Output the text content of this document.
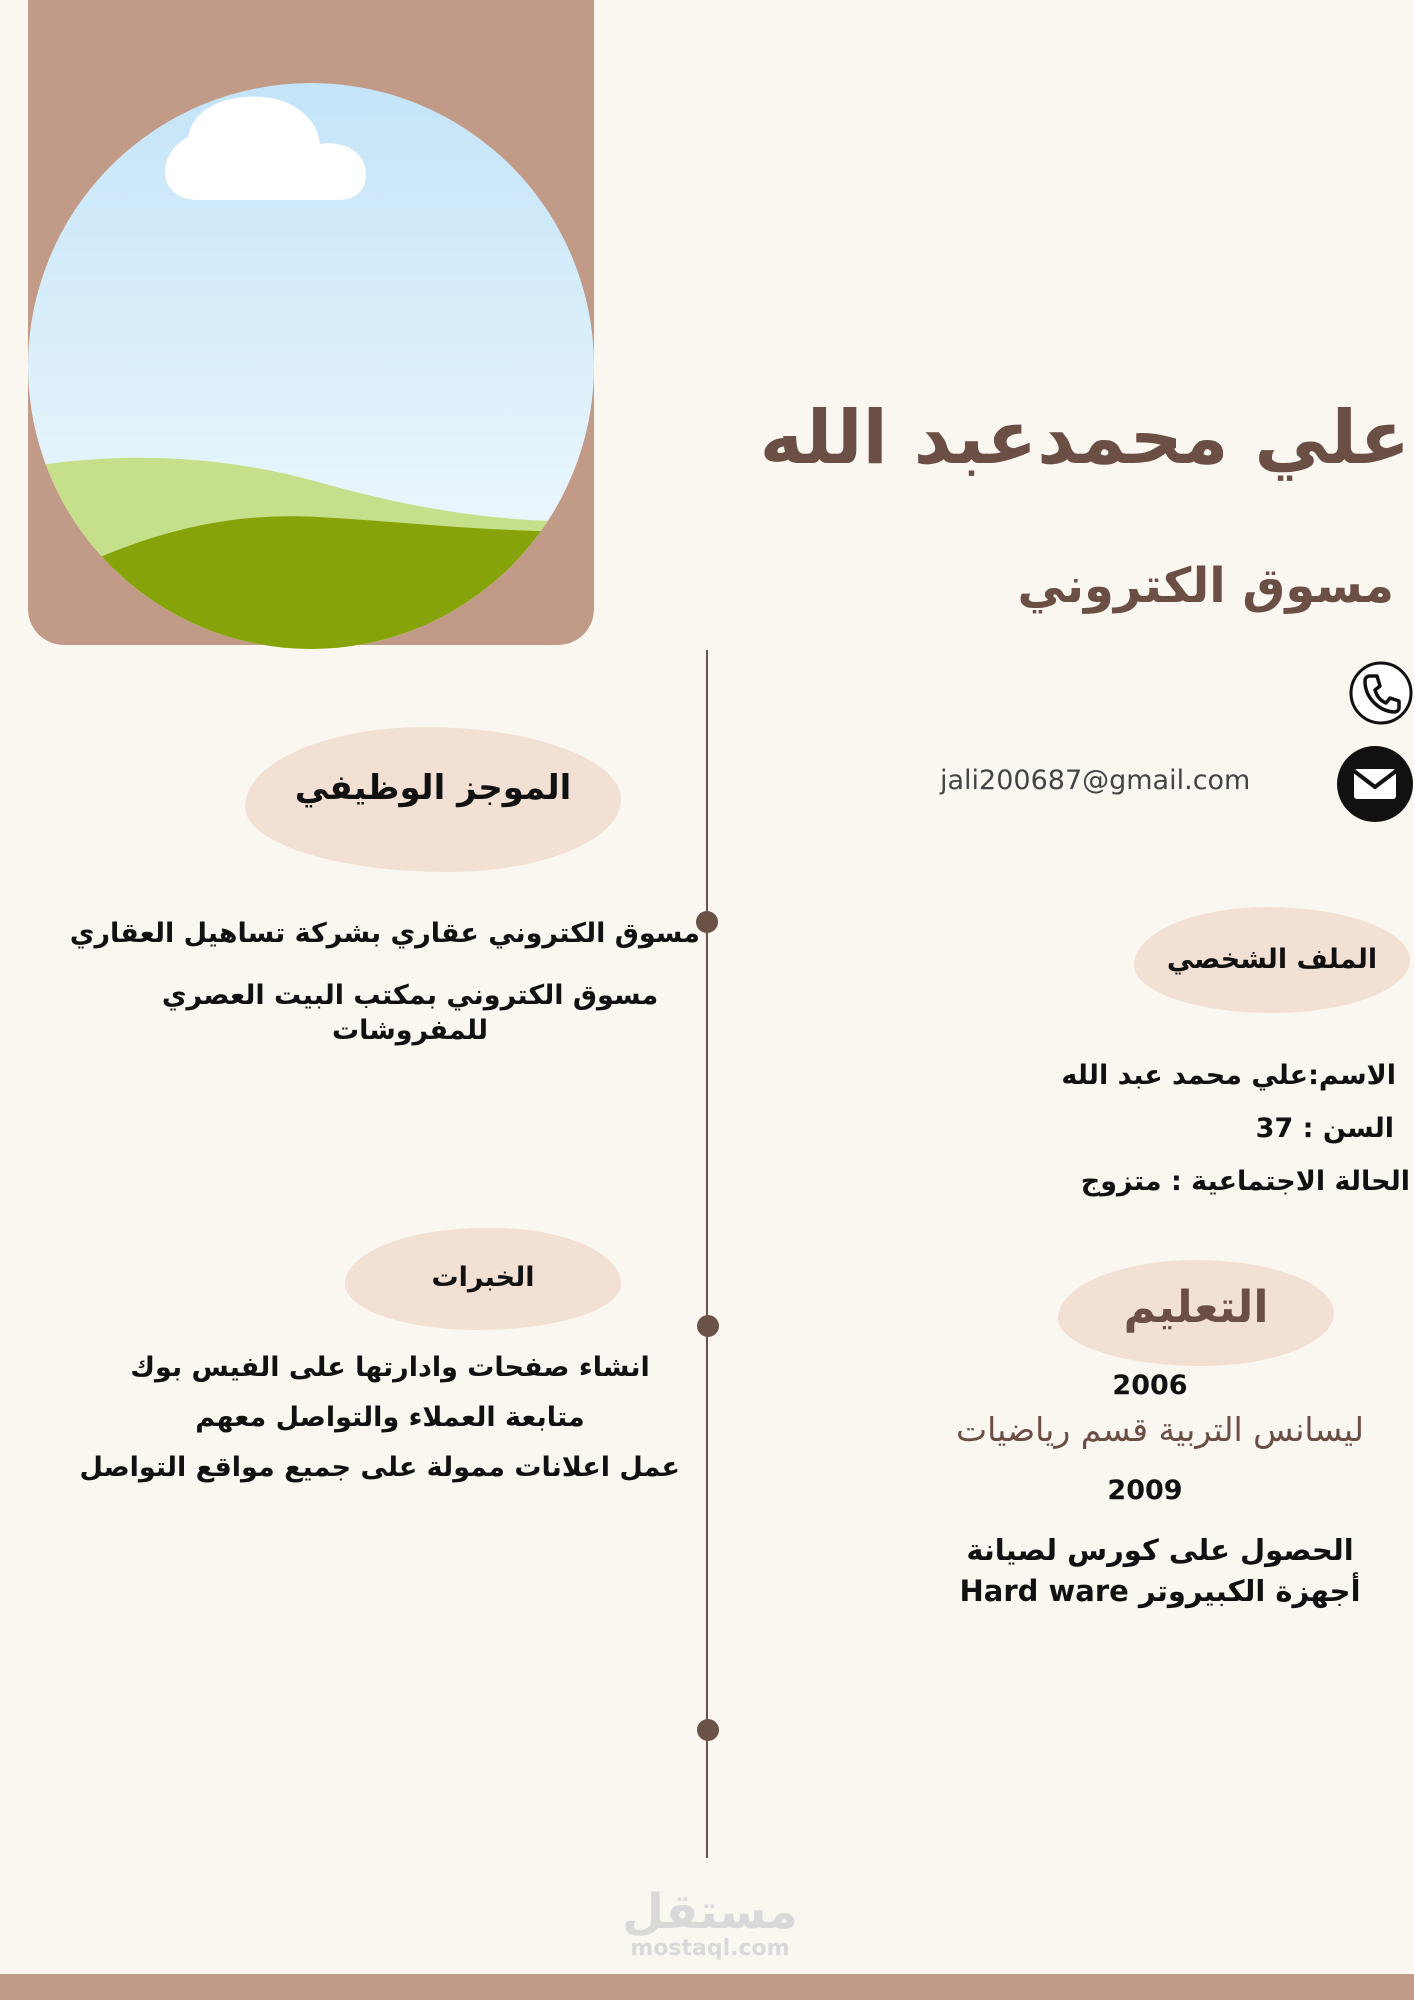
علي محمدعبد الله
مسوق الكتروني
jali200687@gmail.com
الموجز الوظيفي
مسوق الكتروني عقاري بشركة تساهيل العقاري
مسوق الكتروني بمكتب البيت العصري للمفروشات
الخبرات
انشاء صفحات وادارتها على الفيس بوك
متابعة العملاء والتواصل معهم
عمل اعلانات ممولة على جميع مواقع التواصل
الملف الشخصي
الاسم:علي محمد عبد الله
السن : 37
الحالة الاجتماعية : متزوج
التعليم
2006
ليسانس التربية قسم رياضيات
2009
الحصول على كورس لصيانة أجهزة الكبيروتر Hard ware
مستقل
mostaql.com
